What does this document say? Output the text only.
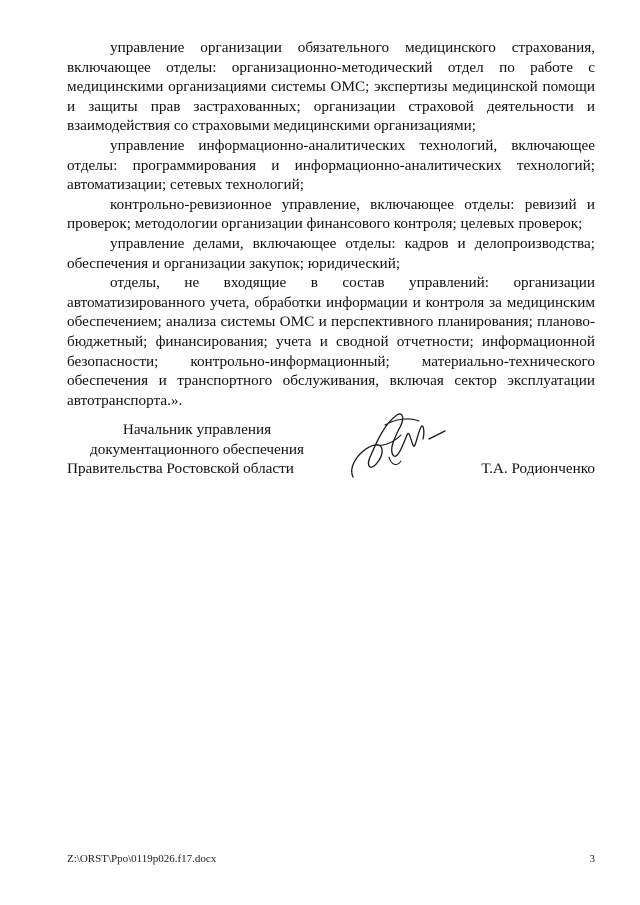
управление организации обязательного медицинского страхования, включающее отделы: организационно-методический отдел по работе с медицинскими организациями системы ОМС; экспертизы медицинской помощи и защиты прав застрахованных; организации страховой деятельности и взаимодействия со страховыми медицинскими организациями;

управление информационно-аналитических технологий, включающее отделы: программирования и информационно-аналитических технологий; автоматизации; сетевых технологий;

контрольно-ревизионное управление, включающее отделы: ревизий и проверок; методологии организации финансового контроля; целевых проверок;

управление делами, включающее отделы: кадров и делопроизводства; обеспечения и организации закупок; юридический;

отделы, не входящие в состав управлений: организации автоматизированного учета, обработки информации и контроля за медицинским обеспечением; анализа системы ОМС и перспективного планирования; планово-бюджетный; финансирования; учета и сводной отчетности; информационной безопасности; контрольно-информационный; материально-технического обеспечения и транспортного обслуживания, включая сектор эксплуатации автотранспорта.».

Начальник управления
документационного обеспечения
Правительства Ростовской области	Т.А. Родионченко
Z:\ORST\Ppo\0119p026.f17.docx	3
